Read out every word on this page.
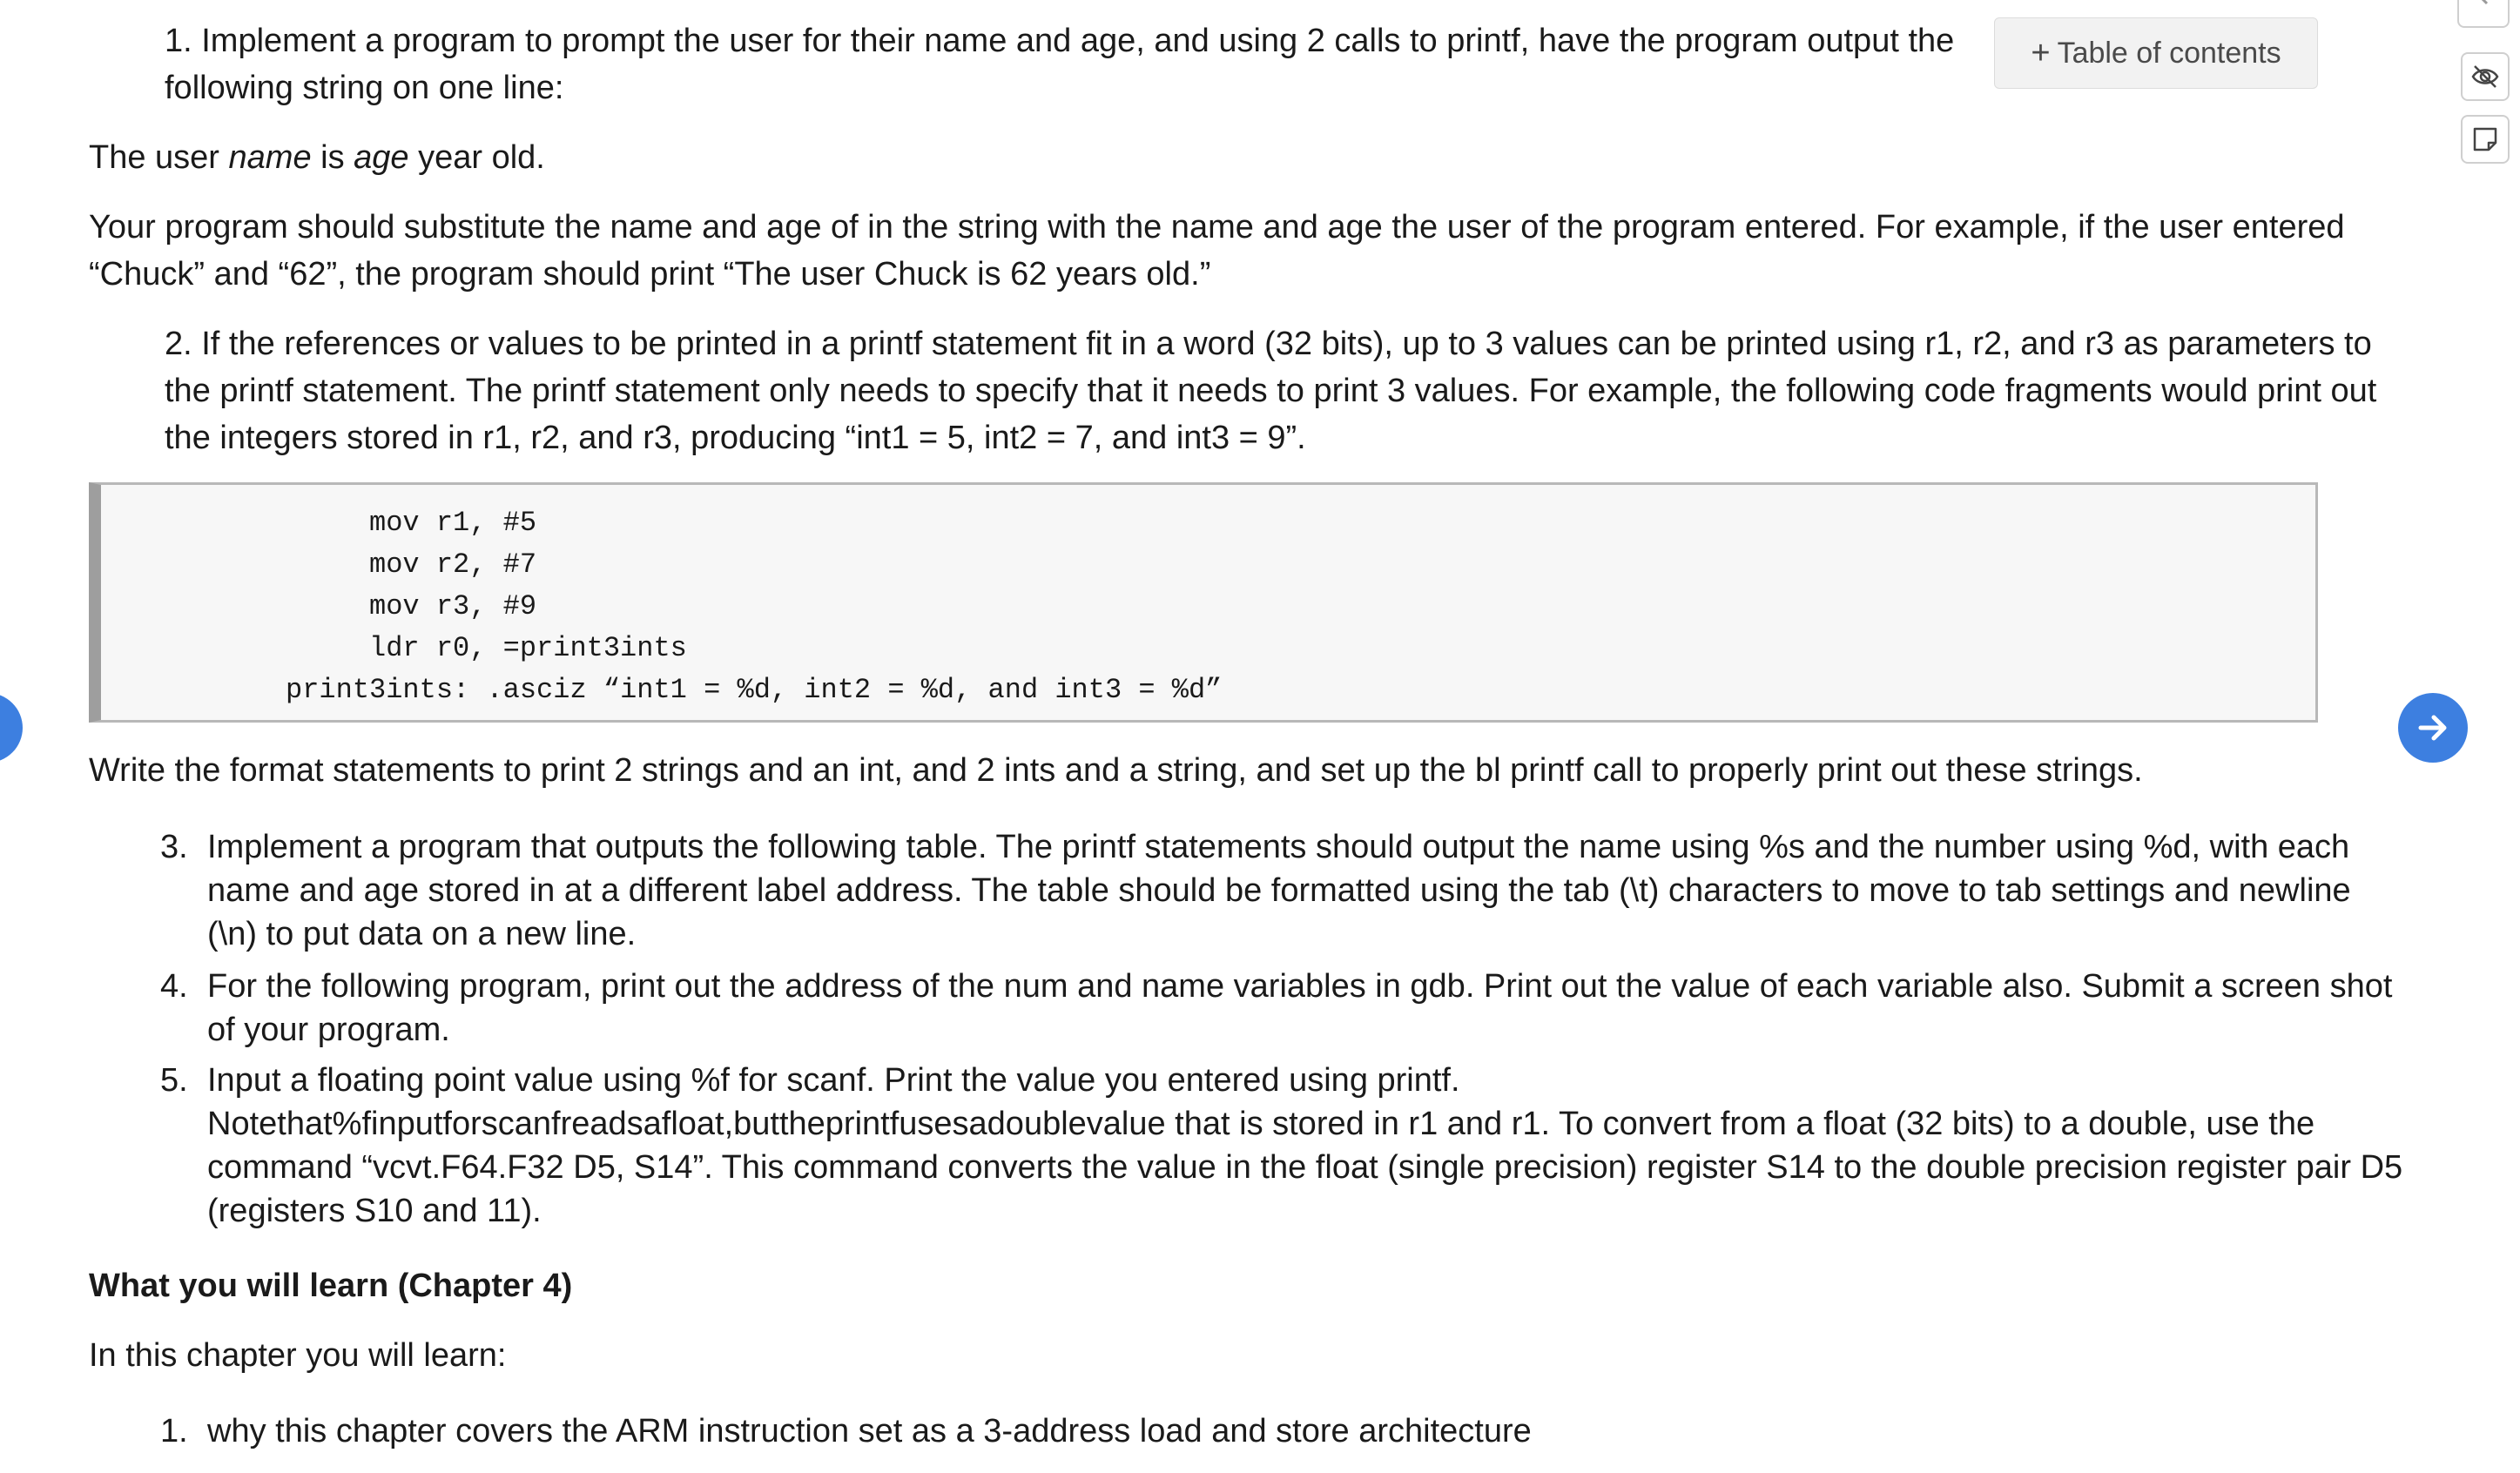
1. Implement a program to prompt the user for their name and age, and using 2 calls to printf, have the program output the

following string on one line:

The user name is age year old.

Your program should substitute the name and age of in the string with the name and age the user of the program entered. For example, if the user entered

“Chuck” and “62”, the program should print “The user Chuck is 62 years old.”

2. If the references or values to be printed in a printf statement fit in a word (32 bits), up to 3 values can be printed using r1, r2, and r3 as parameters to

the printf statement. The printf statement only needs to specify that it needs to print 3 values. For example, the following code fragments would print out

the integers stored in r1, r2, and r3, producing “int1 = 5, int2 = 7, and int3 = 9”.

mov r1, #5
mov r2, #7
mov r3, #9
ldr r0, =print3ints
print3ints: .asciz “int1 = %d, int2 = %d, and int3 = %d”

Write the format statements to print 2 strings and an int, and 2 ints and a string, and set up the bl printf call to properly print out these strings.

3. Implement a program that outputs the following table. The printf statements should output the name using %s and the number using %d, with each

name and age stored in at a different label address. The table should be formatted using the tab (\t) characters to move to tab settings and newline

(\n) to put data on a new line.

4. For the following program, print out the address of the num and name variables in gdb. Print out the value of each variable also. Submit a screen shot

of your program.

5. Input a floating point value using %f for scanf. Print the value you entered using printf.

Notethat%finputforscanfreadsafloat,buttheprintfusesadoublevalue that is stored in r1 and r1. To convert from a float (32 bits) to a double, use the

command “vcvt.F64.F32 D5, S14”. This command converts the value in the float (single precision) register S14 to the double precision register pair D5

(registers S10 and 11).

What you will learn (Chapter 4)

In this chapter you will learn:

1. why this chapter covers the ARM instruction set as a 3-address load and store architecture

+ Table of contents
